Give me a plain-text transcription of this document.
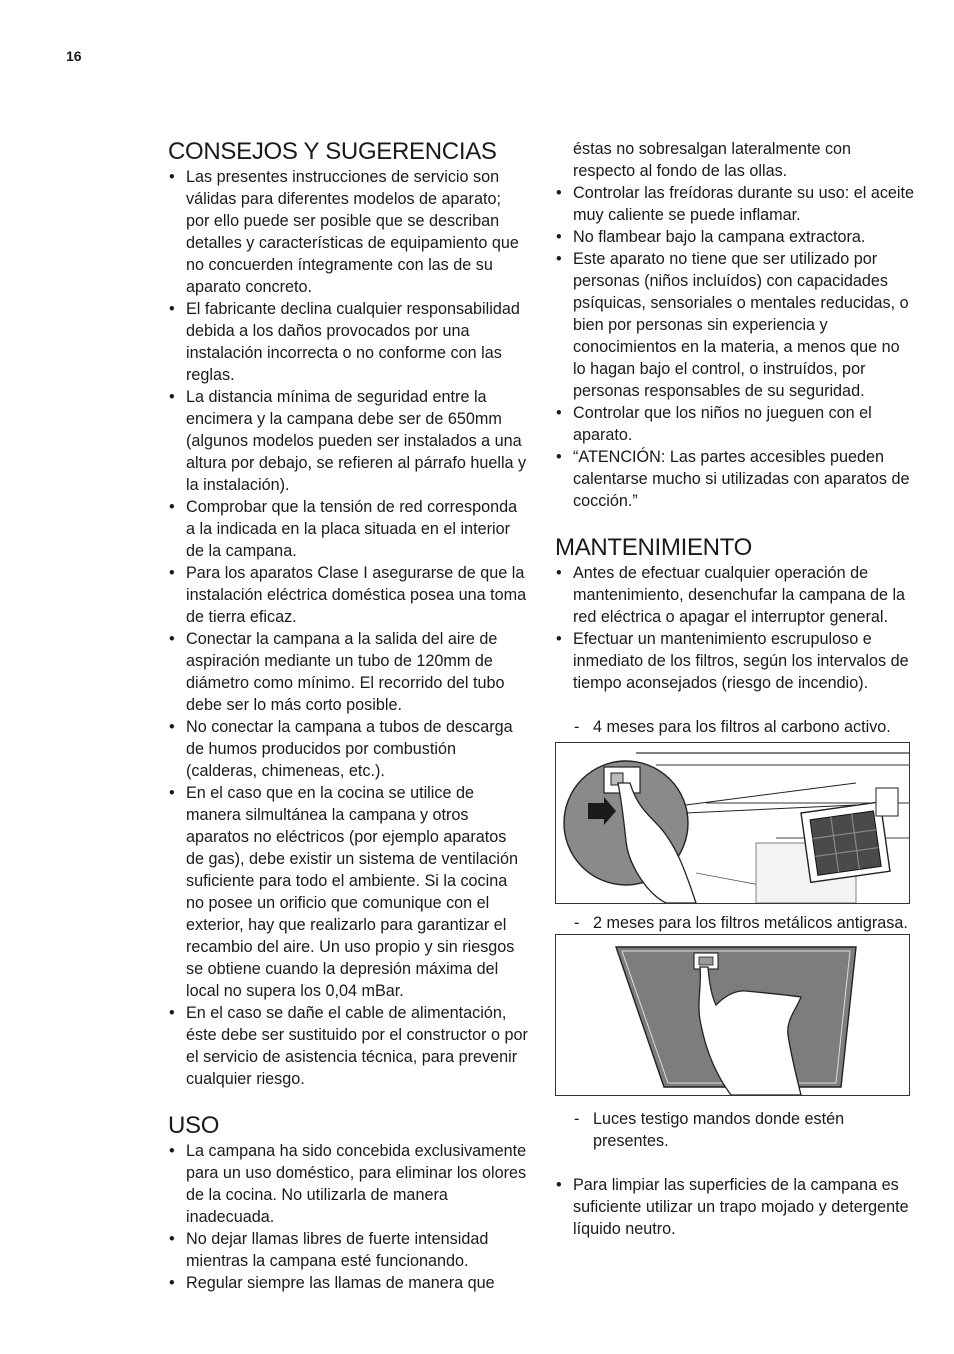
16
CONSEJOS Y SUGERENCIAS
• Las presentes instrucciones de servicio son válidas para diferentes modelos de aparato; por ello puede ser posible que se describan detalles y características de equipamiento que no concuerden íntegramente con las de su aparato concreto.
• El fabricante declina cualquier responsabilidad debida a los daños provocados por una instalación incorrecta o no conforme con las reglas.
• La distancia mínima de seguridad entre la encimera y la campana debe ser de 650mm (algunos modelos pueden ser instalados a una altura por debajo, se refieren al párrafo huella y la instalación).
• Comprobar que la tensión de red corresponda a la indicada en la placa situada en el interior de la campana.
• Para los aparatos Clase I asegurarse de que la instalación eléctrica doméstica posea una toma de tierra eficaz.
• Conectar la campana a la salida del aire de aspiración mediante un tubo de 120mm de diámetro como mínimo. El recorrido del tubo debe ser lo más corto posible.
• No conectar la campana a tubos de descarga de humos producidos por combustión (calderas, chimeneas, etc.).
• En el caso que en la cocina se utilice de manera silmultánea la campana y otros aparatos no eléctricos (por ejemplo aparatos de gas), debe existir un sistema de ventilación suficiente para todo el ambiente. Si la cocina no posee un orificio que comunique con el exterior, hay que realizarlo para garantizar el recambio del aire. Un uso propio y sin riesgos se obtiene cuando la depresión máxima del local no supera los 0,04 mBar.
• En el caso se dañe el cable de alimentación, éste debe ser sustituido por el constructor o por el servicio de asistencia técnica, para prevenir cualquier riesgo.
USO
• La campana ha sido concebida exclusivamente para un uso doméstico, para eliminar los olores de la cocina. No utilizarla de manera inadecuada.
• No dejar llamas libres de fuerte intensidad mientras la campana esté funcionando.
• Regular siempre las llamas de manera que
éstas no sobresalgan lateralmente con respecto al fondo de las ollas.
• Controlar las freídoras durante su uso: el aceite muy caliente se puede inflamar.
• No flambear bajo la campana extractora.
• Este aparato no tiene que ser utilizado por personas (niños incluídos) con capacidades psíquicas, sensoriales o mentales reducidas, o bien por personas sin experiencia y conocimientos en la materia, a menos que no lo hagan bajo el control, o instruídos, por personas responsables de su seguridad.
• Controlar que los niños no jueguen con el aparato.
• “ATENCIÓN: Las partes accesibles pueden calentarse mucho si utilizadas con aparatos de cocción.”
MANTENIMIENTO
• Antes de efectuar cualquier operación de mantenimiento, desenchufar la campana de la red eléctrica o apagar el interruptor general.
• Efectuar un mantenimiento escrupuloso e inmediato de los filtros, según los intervalos de tiempo aconsejados (riesgo de incendio).
- 4 meses para los filtros al carbono activo.
- 2 meses para los filtros metálicos antigrasa.
- Luces testigo mandos donde estén presentes.
• Para limpiar las superficies de la campana es suficiente utilizar un trapo mojado y detergente líquido neutro.
